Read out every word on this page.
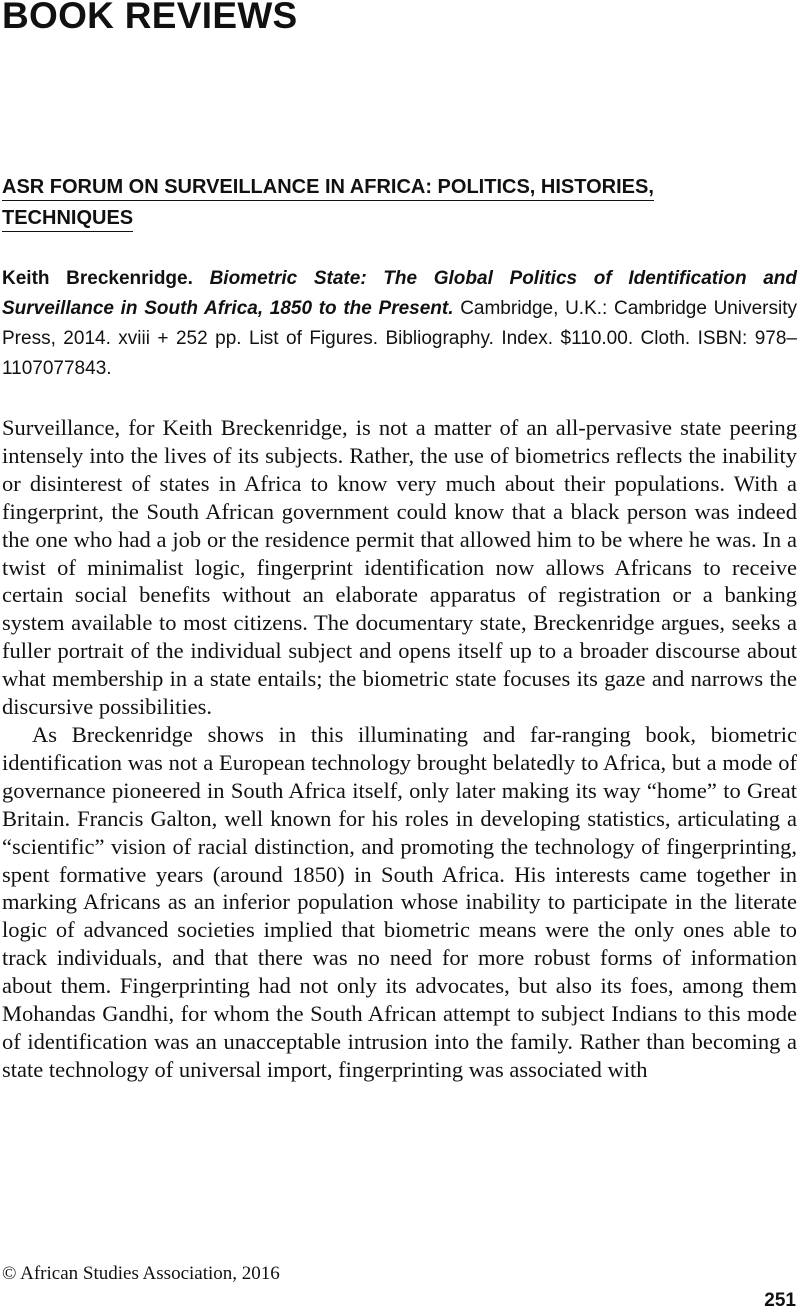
BOOK REVIEWS
ASR FORUM ON SURVEILLANCE IN AFRICA: POLITICS, HISTORIES,
TECHNIQUES

Keith Breckenridge. Biometric State: The Global Politics of Identification and Surveillance in South Africa, 1850 to the Present. Cambridge, U.K.: Cambridge University Press, 2014. xviii + 252 pp. List of Figures. Bibliography. Index. $110.00. Cloth. ISBN: 978–1107077843.

Surveillance, for Keith Breckenridge, is not a matter of an all-pervasive state peering intensely into the lives of its subjects. Rather, the use of biometrics reflects the inability or disinterest of states in Africa to know very much about their populations. With a fingerprint, the South African government could know that a black person was indeed the one who had a job or the residence permit that allowed him to be where he was. In a twist of minimalist logic, fingerprint identification now allows Africans to receive certain social benefits without an elaborate apparatus of registration or a banking system available to most citizens. The documentary state, Breckenridge argues, seeks a fuller portrait of the individual subject and opens itself up to a broader discourse about what membership in a state entails; the biometric state focuses its gaze and narrows the discursive possibilities.

As Breckenridge shows in this illuminating and far-ranging book, biometric identification was not a European technology brought belatedly to Africa, but a mode of governance pioneered in South Africa itself, only later making its way “home” to Great Britain. Francis Galton, well known for his roles in developing statistics, articulating a “scientific” vision of racial distinction, and promoting the technology of fingerprinting, spent formative years (around 1850) in South Africa. His interests came together in marking Africans as an inferior population whose inability to participate in the literate logic of advanced societies implied that biometric means were the only ones able to track individuals, and that there was no need for more robust forms of information about them. Fingerprinting had not only its advocates, but also its foes, among them Mohandas Gandhi, for whom the South African attempt to subject Indians to this mode of identification was an unacceptable intrusion into the family. Rather than becoming a state technology of universal import, fingerprinting was associated with

© African Studies Association, 2016

251
